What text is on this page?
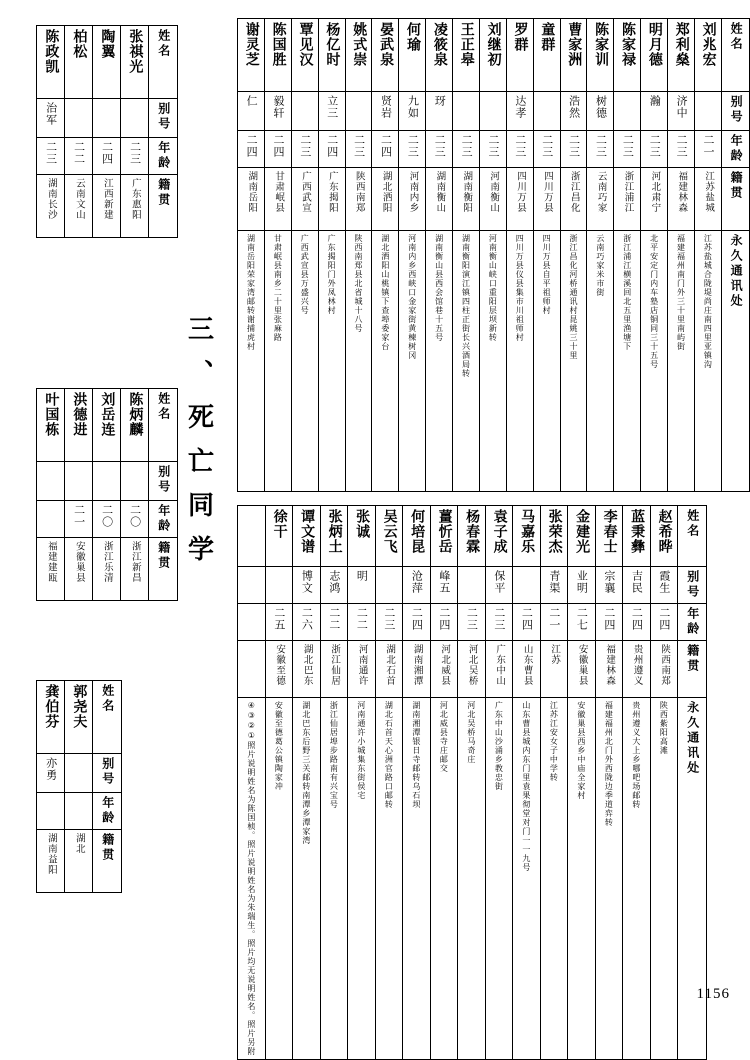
三、死亡同学
谢灵芝	陈国胜	覃见汉	杨亿时	姚式崇	晏武泉	何瑜	凌筱泉	王正皋	刘继初	罗群	童群	曹家洲	陈家训	陈家禄	明月德	郑利燊	刘兆宏	姓名

仁	毅轩		立三		贤岩	九如	玡			达孝		浩然	树德		瀚	济中		别号

二四	二四	二三	二四	二三	二四	二三	二三	二三	二三	二三	二三	二三	二三	二三	二三	二三	二一	年龄

湖南岳阳	甘肃岷县	广西武宣	广东揭阳	陕西南郑	湖北洒阳	河南内乡	湖南衡山	湖南衡阳	河南衡山	四川万县	四川万县	浙江昌化	云南巧家	浙江浦江	河北肃宁	福建林森	江苏盐城	籍贯

湖南岳阳荣家湾邮转谢捕虎村	甘肃岷县南乡二十里张麻路	广西武宣县万盛兴号	广东揭阳门外凤林村	陕西南郑县北省城十八号	湖北洒阳山桃镇下查埠委家台	河南内乡西峡口金家街黄楝树冈	湖南衡山县西会馆巷十五号	湖南衡阳演江镇四柱正街长兴酒局转	河南衡山峡口重阳层坝新转	四川万县仪县集市川祖师村	四川万县自平祖师村	浙江昌化河桥通讯村昆姚三十里	云南巧家米市街	浙江浦江横溪回北五里渔塘下	北平安定门内车塾店铜同三十五号	福建福州南门外三十里南屿街	江苏盐城合陇堤尚庄南四里亚镇沟	永久通讯处
陈政凯	柏松	陶翼	张祺光	姓名

治军				别号

二三	二二	二四	二三	年龄

湖南长沙	云南文山	江西新建	广东惠阳	籍贯
叶国栋	洪德进	刘岳连	陈炳麟	姓名

				别号

	二一	二〇	二〇	年龄

福建建瓯	安徽巢县	浙江乐清	浙江新昌	籍贯
龚伯芬	郭尧夫	姓名

亦勇		别号

		年龄

湖南益阳	湖北	籍贯

	徐干	谭文谱	张炳土	张诚	吴云飞	何培昆	薑忻岳	杨春霖	袁子成	马嘉乐	张荣杰	金建光	李春士	蓝秉彝	赵希晔	姓名

		博文	志鸿	明		沧萍	峰五		保平		青渠	业明	宗襄	吉民	霞生	别号

	二五	二六	二二	二二	二三	二四	二四	二三	二三	二四	二一	二七	二四	二四	二四	年龄

	安徽至德	湖北巴东	浙江仙居	河南通许	湖北石首	湖南湘潭	河北威县	河北吴桥	广东中山	山东曹县	江苏	安徽巢县	福建林森	贵州遵义	陕西南郑	籍贯

④③②①照片说明姓名为陈国桢。照片说明姓名为朱瑞生。照片均无说明姓名。照片另附	安徽至德葛公镇陶家冲	湖北巴东后野三关邮转南潭乡潭家湾	浙江仙居埠步路南有兴宝号	河南通许小城集东街侯宅	湖北石首天心洲官路口邮转	湖南湘潭银日寺邮转乌石坝	河北威县寺庄邮交	河北吴桥马奇庄	广东中山沙涌乡教忠街	山东曹县城内东门里袁果彻堂对门一一九号	江苏江安女子中学转	安徽巢县西乡中庙全家村	福建福州北门外西陇边季道弈转	贵州遵义大上乡哪吧场邮转	陕西紫阳高滩	永久通讯处
1156
